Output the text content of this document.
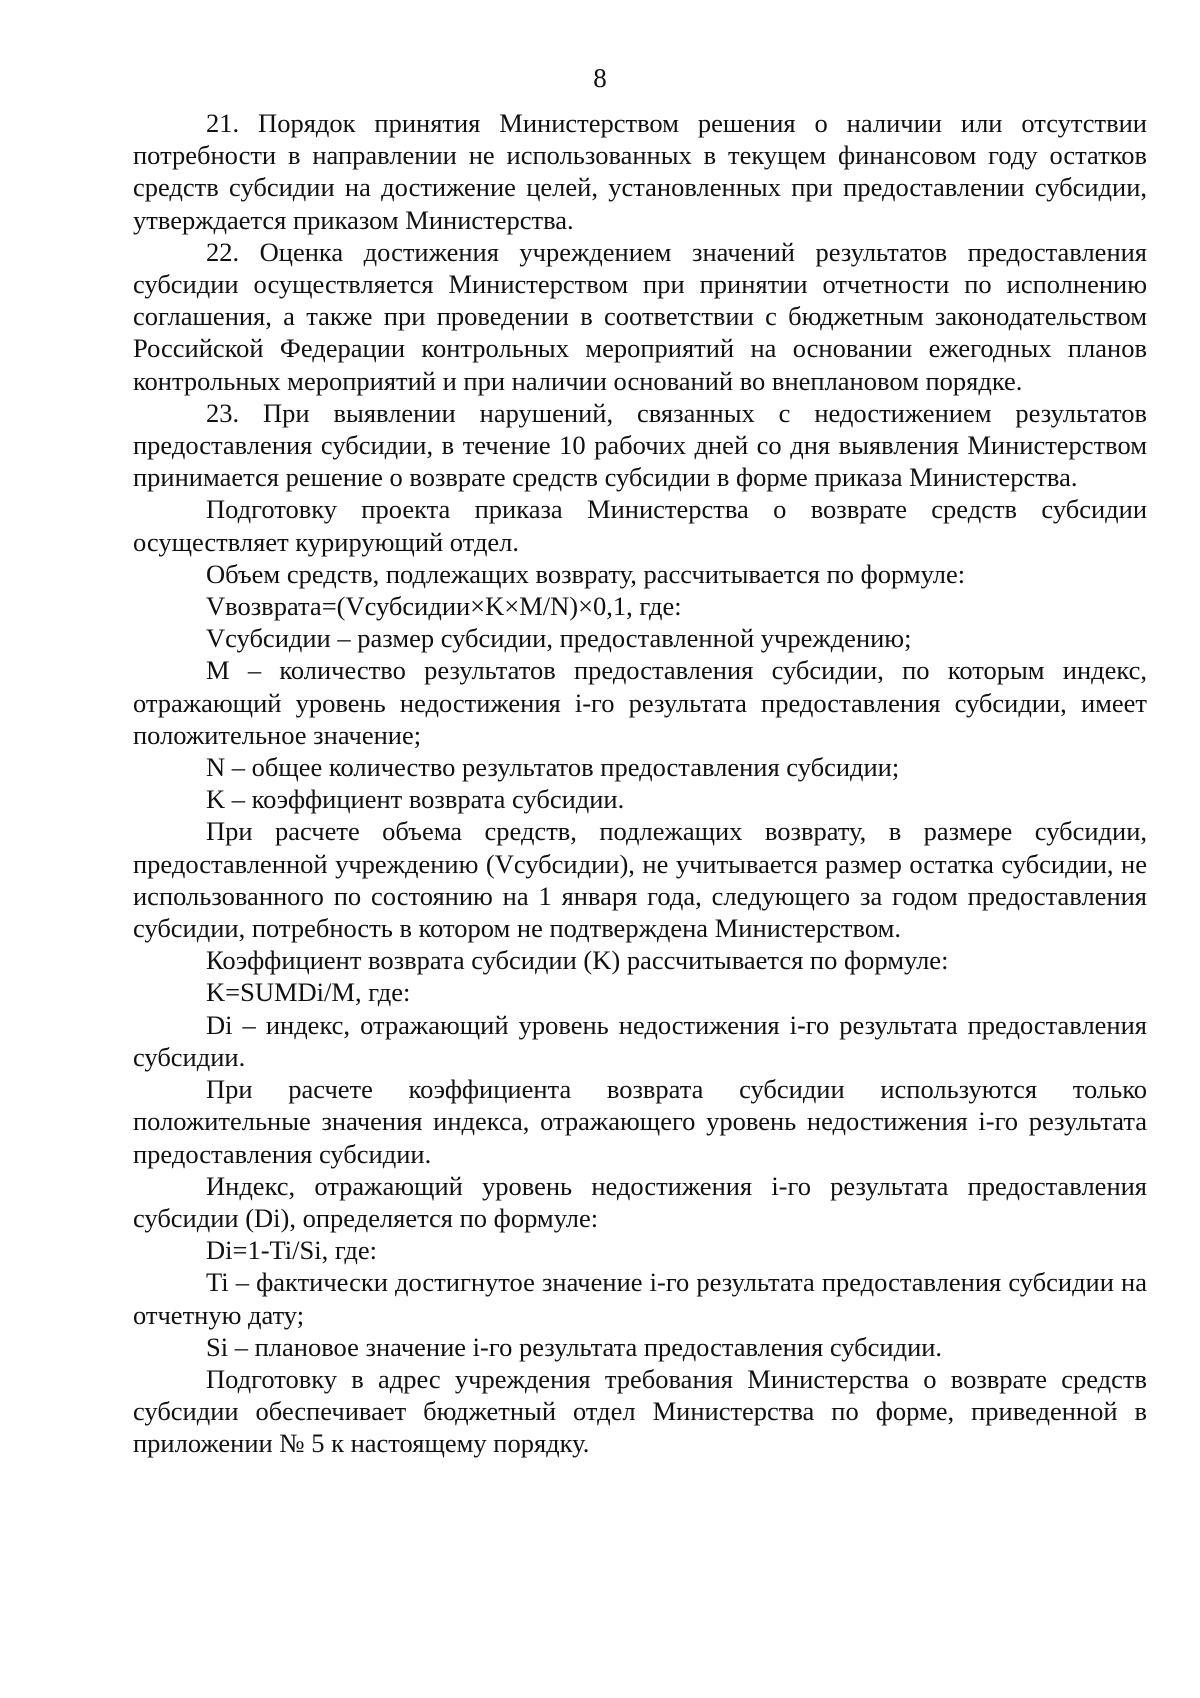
8

21. Порядок принятия Министерством решения о наличии или отсутствии потребности в направлении не использованных в текущем финансовом году остатков средств субсидии на достижение целей, установленных при предоставлении субсидии, утверждается приказом Министерства.

22. Оценка достижения учреждением значений результатов предоставления субсидии осуществляется Министерством при принятии отчетности по исполнению соглашения, а также при проведении в соответствии с бюджетным законодательством Российской Федерации контрольных мероприятий на основании ежегодных планов контрольных мероприятий и при наличии оснований во внеплановом порядке.

23. При выявлении нарушений, связанных с недостижением результатов предоставления субсидии, в течение 10 рабочих дней со дня выявления Министерством принимается решение о возврате средств субсидии в форме приказа Министерства.

Подготовку проекта приказа Министерства о возврате средств субсидии осуществляет курирующий отдел.

Объем средств, подлежащих возврату, рассчитывается по формуле:

Vвозврата=(Vсубсидии×K×M/N)×0,1, где:

Vсубсидии – размер субсидии, предоставленной учреждению;

M – количество результатов предоставления субсидии, по которым индекс, отражающий уровень недостижения i-го результата предоставления субсидии, имеет положительное значение;

N – общее количество результатов предоставления субсидии;

K – коэффициент возврата субсидии.

При расчете объема средств, подлежащих возврату, в размере субсидии, предоставленной учреждению (Vсубсидии), не учитывается размер остатка субсидии, не использованного по состоянию на 1 января года, следующего за годом предоставления субсидии, потребность в котором не подтверждена Министерством.

Коэффициент возврата субсидии (K) рассчитывается по формуле:

K=SUMDi/M, где:

Di – индекс, отражающий уровень недостижения i-го результата предоставления субсидии.

При расчете коэффициента возврата субсидии используются только положительные значения индекса, отражающего уровень недостижения i-го результата предоставления субсидии.

Индекс, отражающий уровень недостижения i-го результата предоставления субсидии (Di), определяется по формуле:

Di=1-Ti/Si, где:

Ti – фактически достигнутое значение i-го результата предоставления субсидии на отчетную дату;

Si – плановое значение i-го результата предоставления субсидии.

Подготовку в адрес учреждения требования Министерства о возврате средств субсидии обеспечивает бюджетный отдел Министерства по форме, приведенной в приложении № 5 к настоящему порядку.
